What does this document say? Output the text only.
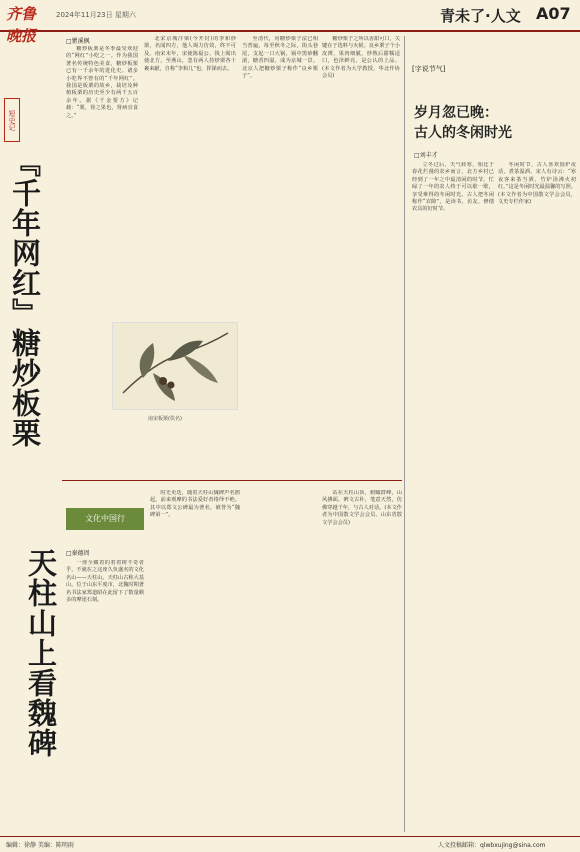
齐鲁晚报
2024年11月23日 星期六	青未了·人文 A07
□瞿溪枫
短史记
『千年网红』糖炒板栗

糖炒板栗是冬季最受欢迎的“网红”小吃之一。作为我国著名传统特色美食，糖炒板栗已有一千余年的进化史。诸多小吃界不曾有的“千年网红”。我国是板栗的故乡，栽培及种植板栗的历史至少有两千五百余年。据《千金要方》记载：“栗，肾之果也，肾病宜食之。”

北宋京城汴梁(今开封)的李和炒栗，名闻四方，他人竭力仿效，终不可及。南宋末年，宋使陈福公、钱上阁出使北方，至燕山，忽有两人持炒栗各十裹来献，自称“李和儿”也，挥涕而去。

至清代，用糖炒栗子法已相当普遍。每至秋冬之际，街头巷尾，支起一口大锅，锅中黑砂翻滚，糖香四溢，成为京城一景。北京人把糖炒栗子称作“良乡栗子”。

糖炒栗子之所以香甜可口，关键在于选料与火候。良乡栗子个小皮薄，果肉细腻，炒熟后甜糯适口，色泽鲜亮，是公认的上品。(本文作者为大学教授，华北作协会员)

南宋板栗(佚名)
文化中国行
□秦德周
天柱山上看魏碑	一座全藏着的着着树不奇者乎，不就在之这座久负盛名的文化名山——天柱山。天柱山古称大基山，位于山东平度市，北魏时期著名书法家郑道昭在此留下了数量颇多的摩崖石刻。

时光更迭，随着天柱山魏碑声名鹊起，前来观摩的书法爱好者络绎不绝。其中以郑文公碑最为著名，被誉为“魏碑第一”。

站在天柱山顶，俯瞰群峰，山风拂面，碑文古朴，笔意天然，仿佛穿越千年，与古人对话。(本文作者为中国散文学会会员、山东省散文学会会员)

[字说节气]
岁月忽已晚：
古人的冬闲时光
□刘丰才

立冬过后，天气转寒，相比于春花烂漫的农乡而言，北方乡村已经到了一年之中最清闲的时节。忙碌了一年的农人终于可以歇一歇，享受难得的冬闲时光。古人把冬闲称作“农隙”，是读书、访友、修缮农具的好时节。

冬闲时节，古人喜欢围炉夜话，煮茶温酒。宋人有诗云：“寒夜客来茶当酒，竹炉汤沸火初红。”这是冬闲时光最温馨的写照。(本文作者为中国散文学会会员，文史专栏作家)

编辑：徐静 美编：陈明雨	人文投稿邮箱：qlwbxujing@sina.com
